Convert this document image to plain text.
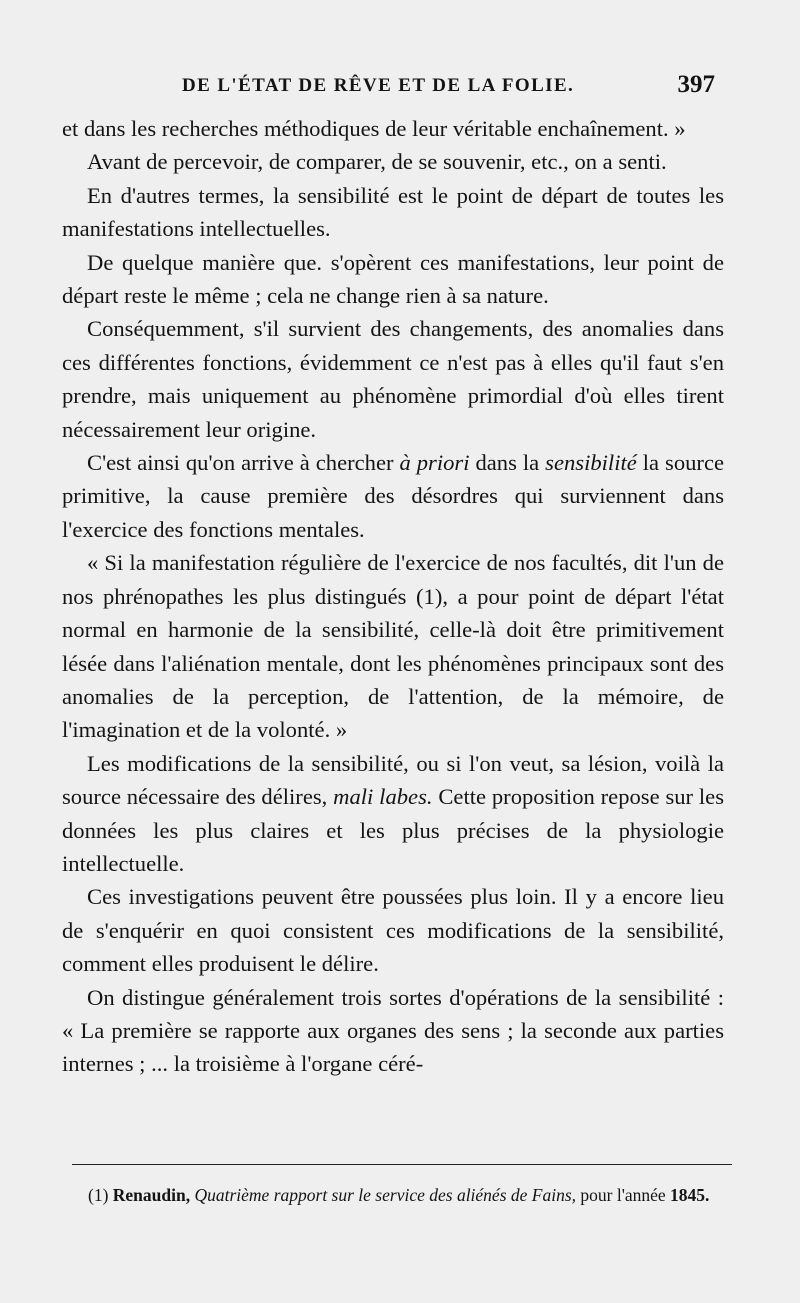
DE L'ÉTAT DE RÊVE ET DE LA FOLIE.	397

et dans les recherches méthodiques de leur véritable enchaînement. »

Avant de percevoir, de comparer, de se souvenir, etc., on a senti.

En d'autres termes, la sensibilité est le point de départ de toutes les manifestations intellectuelles.

De quelque manière que. s'opèrent ces manifestations, leur point de départ reste le même ; cela ne change rien à sa nature.

Conséquemment, s'il survient des changements, des anomalies dans ces différentes fonctions, évidemment ce n'est pas à elles qu'il faut s'en prendre, mais uniquement au phénomène primordial d'où elles tirent nécessairement leur origine.

C'est ainsi qu'on arrive à chercher à priori dans la sensibilité la source primitive, la cause première des désordres qui surviennent dans l'exercice des fonctions mentales.

« Si la manifestation régulière de l'exercice de nos facultés, dit l'un de nos phrénopathes les plus distingués (1), a pour point de départ l'état normal en harmonie de la sensibilité, celle-là doit être primitivement lésée dans l'aliénation mentale, dont les phénomènes principaux sont des anomalies de la perception, de l'attention, de la mémoire, de l'imagination et de la volonté. »

Les modifications de la sensibilité, ou si l'on veut, sa lésion, voilà la source nécessaire des délires, mali labes. Cette proposition repose sur les données les plus claires et les plus précises de la physiologie intellectuelle.

Ces investigations peuvent être poussées plus loin. Il y a encore lieu de s'enquérir en quoi consistent ces modifications de la sensibilité, comment elles produisent le délire.

On distingue généralement trois sortes d'opérations de la sensibilité : « La première se rapporte aux organes des sens ; la seconde aux parties internes ; ... la troisième à l'organe céré-

(1) Renaudin, Quatrième rapport sur le service des aliénés de Fains, pour l'année 1845.
